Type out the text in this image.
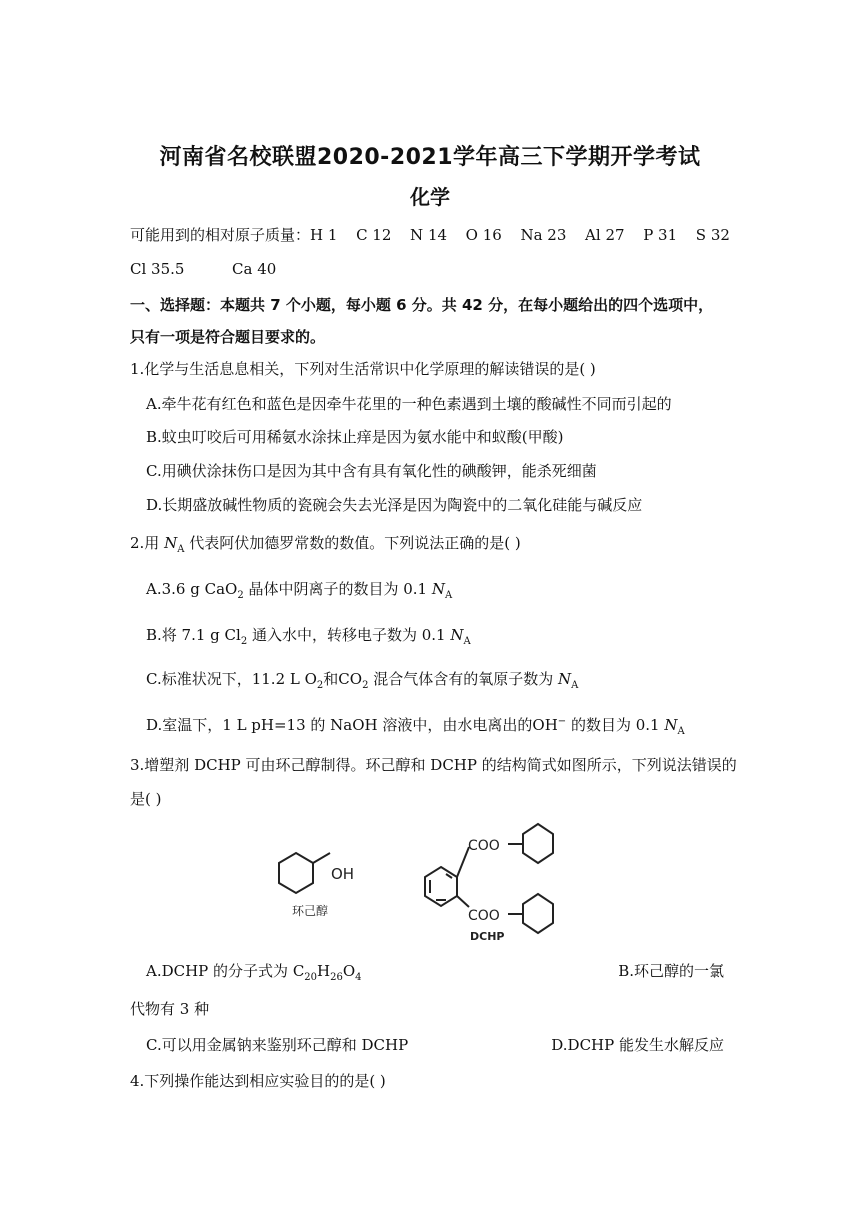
河南省名校联盟2020-2021学年高三下学期开学考试
化学
可能用到的相对原子质量：H 1 C 12 N 14 O 16 Na 23 Al 27 P 31 S 32
Cl 35.5	Ca 40
一、选择题：本题共 7 个小题，每小题 6 分。共 42 分，在每小题给出的四个选项中，
只有一项是符合题目要求的。
1.化学与生活息息相关，下列对生活常识中化学原理的解读错误的是( )
A.牵牛花有红色和蓝色是因牵牛花里的一种色素遇到土壤的酸碱性不同而引起的
B.蚊虫叮咬后可用稀氨水涂抹止痒是因为氨水能中和蚁酸(甲酸)
C.用碘伏涂抹伤口是因为其中含有具有氧化性的碘酸钾，能杀死细菌
D.长期盛放碱性物质的瓷碗会失去光泽是因为陶瓷中的二氧化硅能与碱反应
2.用 $N_A$ 代表阿伏加德罗常数的数值。下列说法正确的是( )
A.3.6 g CaO$_2$ 晶体中阴离子的数目为 0.1 $N_A$
B.将 7.1 g $Cl_2$ 通入水中，转移电子数为 0.1 $N_A$
C.标准状况下，11.2 L $O_2$和$CO_2$ 混合气体含有的氧原子数为 $N_A$
D.室温下，1 L pH=13 的 NaOH 溶液中，由水电离出的OH− 的数目为 0.1 $N_A$
3.增塑剂 DCHP 可由环己醇制得。环己醇和 DCHP 的结构简式如图所示，下列说法错误的
是( )
OH
环己醇
COO
COO
DCHP
A.DCHP 的分子式为 $C_{20}H_{26}O_4$	B.环己醇的一氯
代物有 3 种
C.可以用金属钠来鉴别环己醇和 DCHP	D.DCHP 能发生水解反应
4.下列操作能达到相应实验目的的是( )
